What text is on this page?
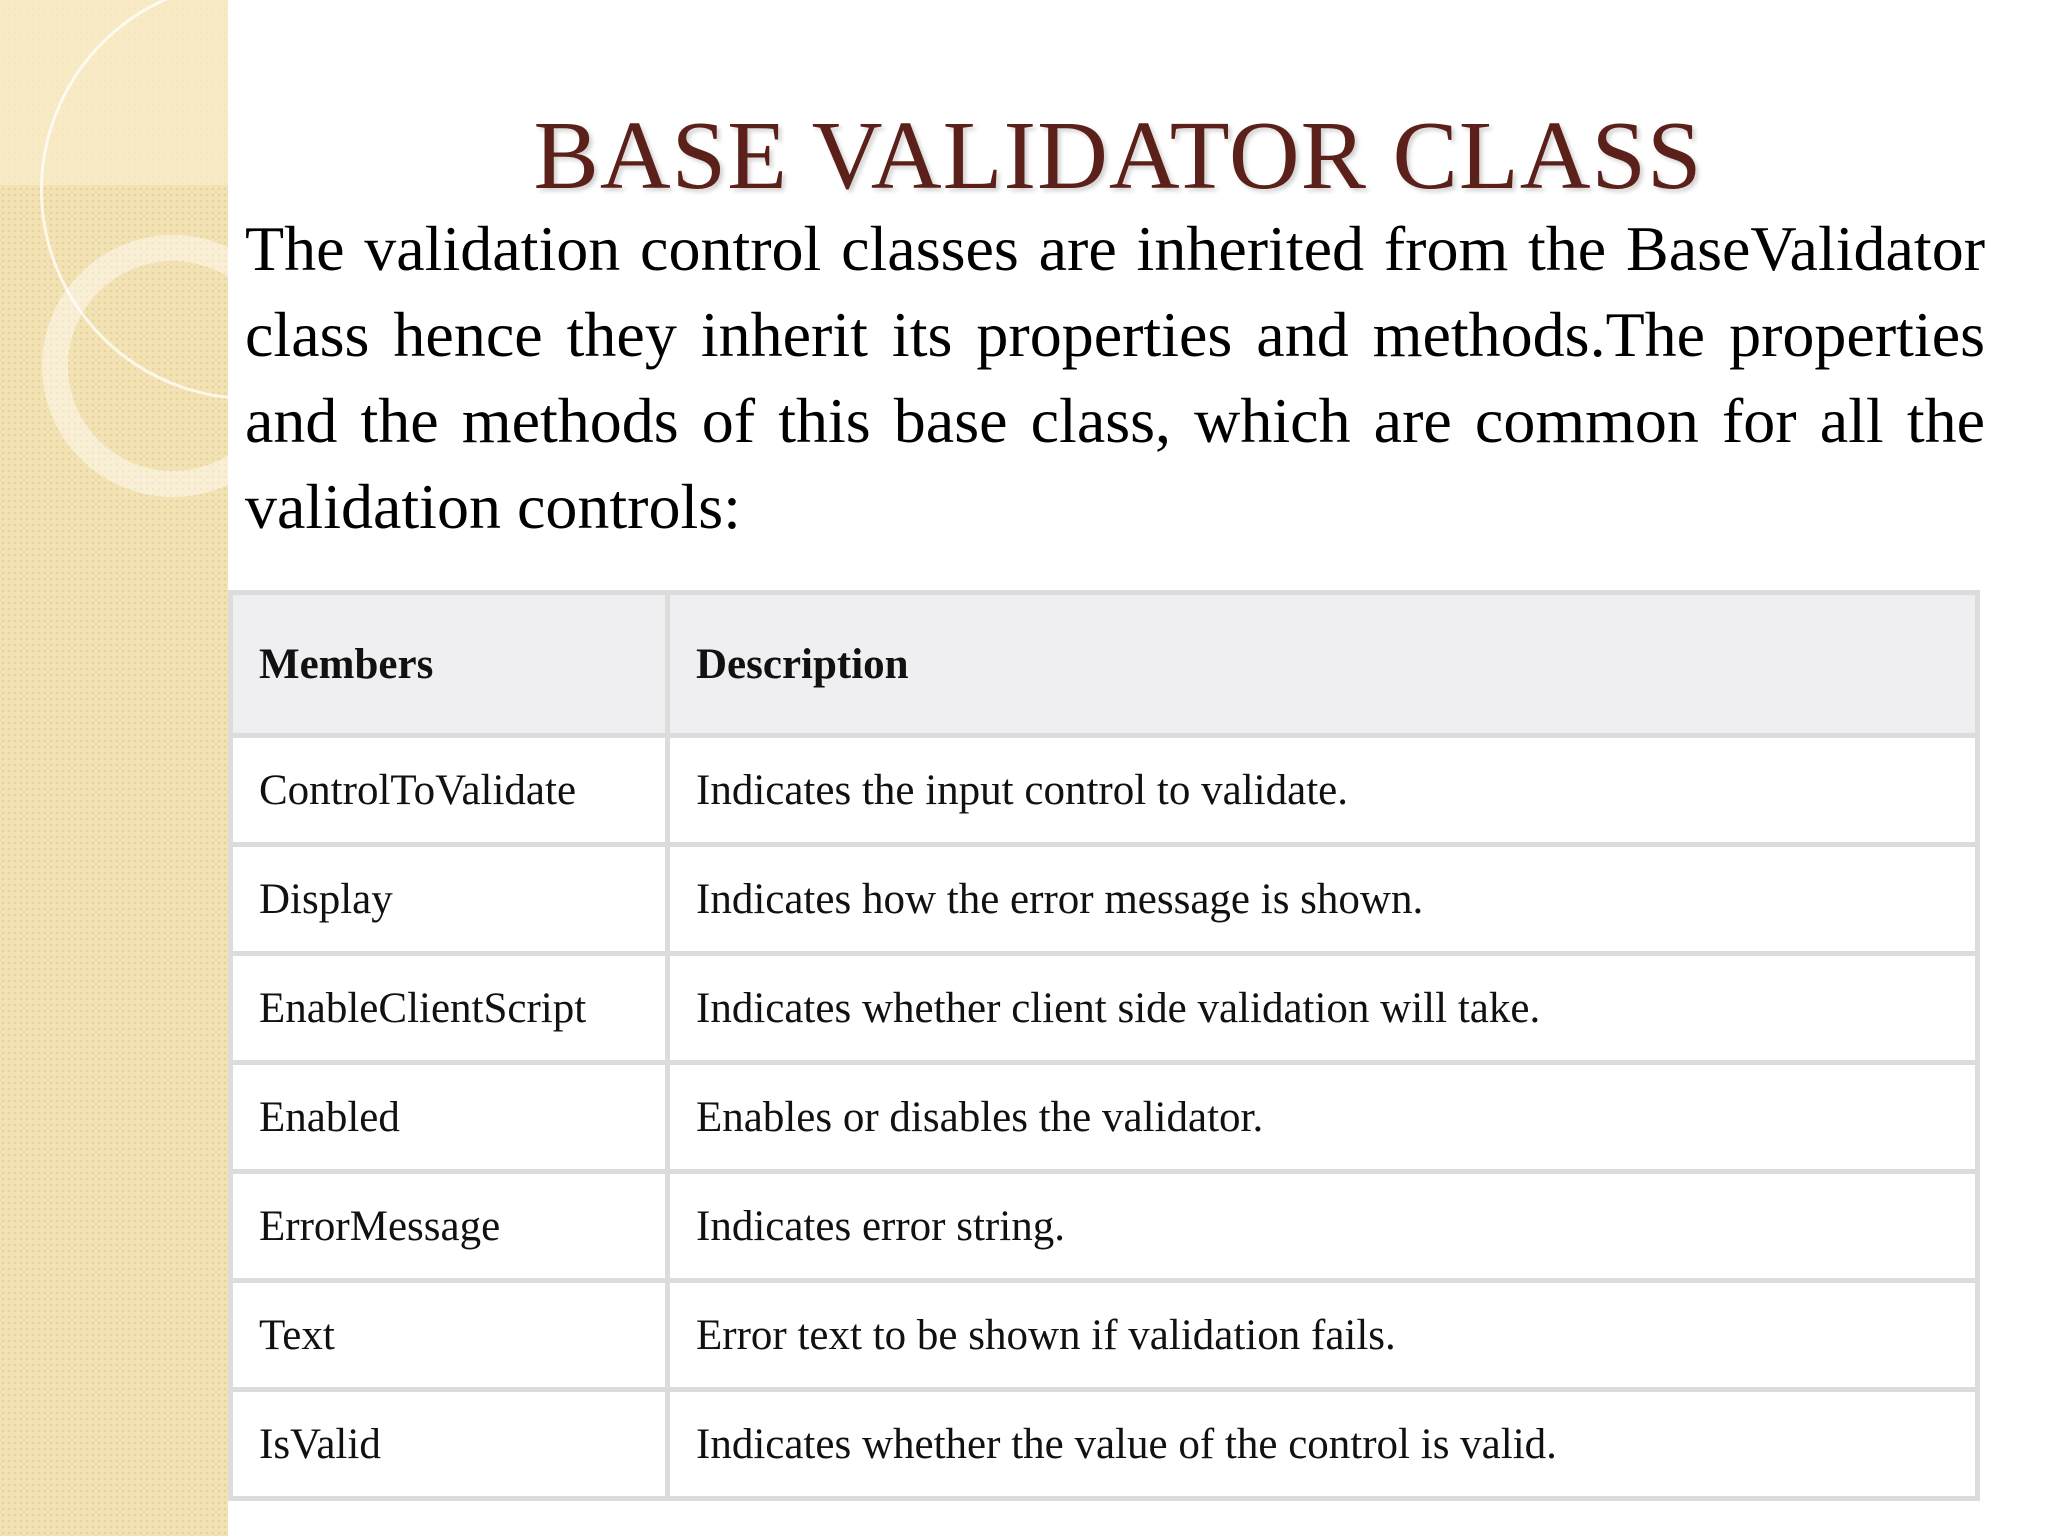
BASE VALIDATOR CLASS

The validation control classes are inherited from the BaseValidator class hence they inherit its properties and methods.The properties and the methods of this base class, which are common for all the validation controls:

Members	Description
ControlToValidate	Indicates the input control to validate.
Display	Indicates how the error message is shown.
EnableClientScript	Indicates whether client side validation will take.
Enabled	Enables or disables the validator.
ErrorMessage	Indicates error string.
Text	Error text to be shown if validation fails.
IsValid	Indicates whether the value of the control is valid.
